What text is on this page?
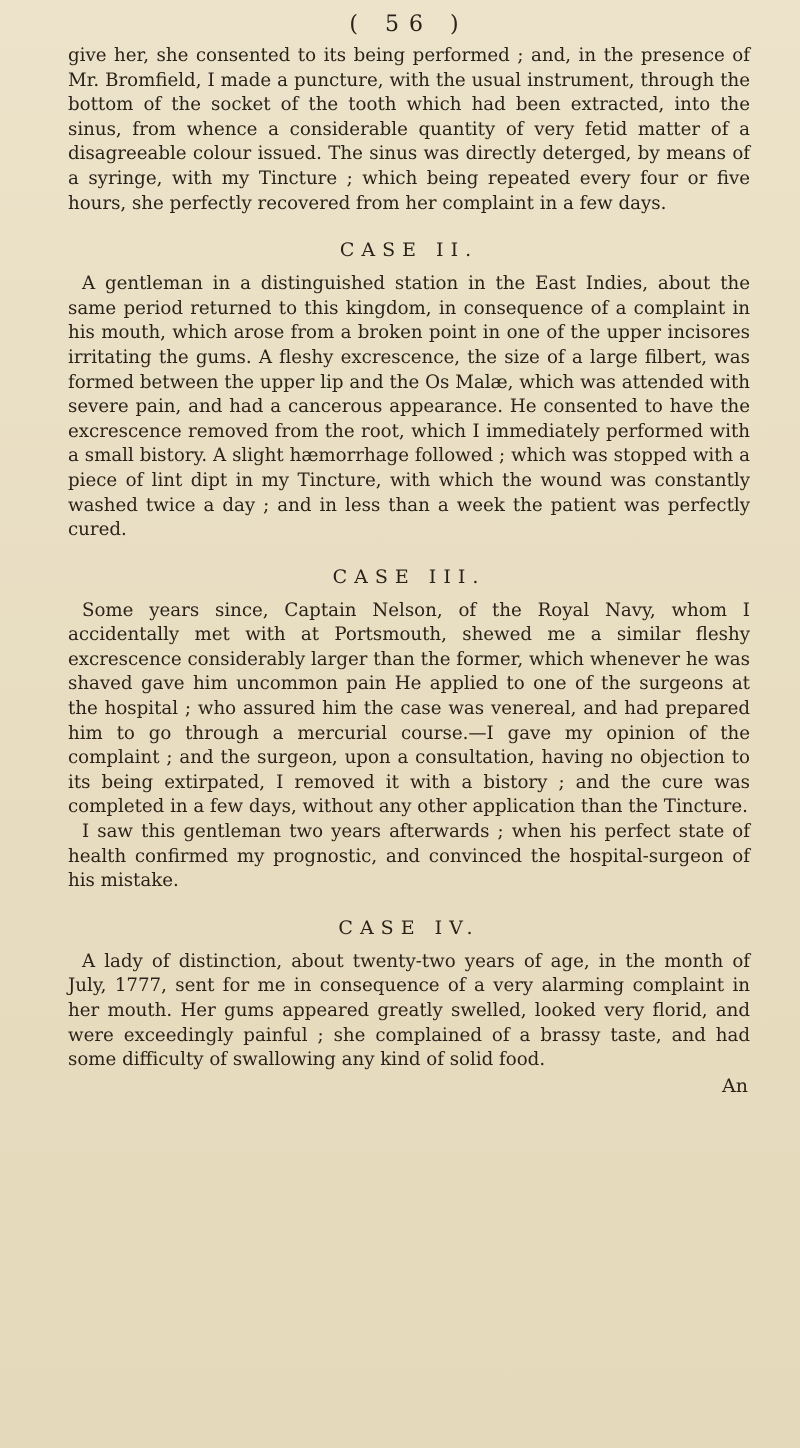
( 56 )

give her, she consented to its being performed ; and, in the presence of Mr. Bromfield, I made a puncture, with the usual instrument, through the bottom of the socket of the tooth which had been extracted, into the sinus, from whence a considerable quantity of very fetid matter of a disagreeable colour issued. The sinus was directly deterged, by means of a syringe, with my Tincture ; which being repeated every four or five hours, she perfectly recovered from her complaint in a few days.

CASE II.

A gentleman in a distinguished station in the East Indies, about the same period returned to this kingdom, in consequence of a complaint in his mouth, which arose from a broken point in one of the upper incisores irritating the gums. A fleshy excrescence, the size of a large filbert, was formed between the upper lip and the Os Malæ, which was attended with severe pain, and had a cancerous appearance. He consented to have the excrescence removed from the root, which I immediately performed with a small bistory. A slight hæmorrhage followed ; which was stopped with a piece of lint dipt in my Tincture, with which the wound was constantly washed twice a day ; and in less than a week the patient was perfectly cured.

CASE III.

Some years since, Captain Nelson, of the Royal Navy, whom I accidentally met with at Portsmouth, shewed me a similar fleshy excrescence considerably larger than the former, which whenever he was shaved gave him uncommon pain He applied to one of the surgeons at the hospital ; who assured him the case was venereal, and had prepared him to go through a mercurial course.—I gave my opinion of the complaint ; and the surgeon, upon a consultation, having no objection to its being extirpated, I removed it with a bistory ; and the cure was completed in a few days, without any other application than the Tincture.

I saw this gentleman two years afterwards ; when his perfect state of health confirmed my prognostic, and convinced the hospital-surgeon of his mistake.

CASE IV.

A lady of distinction, about twenty-two years of age, in the month of July, 1777, sent for me in consequence of a very alarming complaint in her mouth. Her gums appeared greatly swelled, looked very florid, and were exceedingly painful ; she complained of a brassy taste, and had some difficulty of swallowing any kind of solid food.

An
